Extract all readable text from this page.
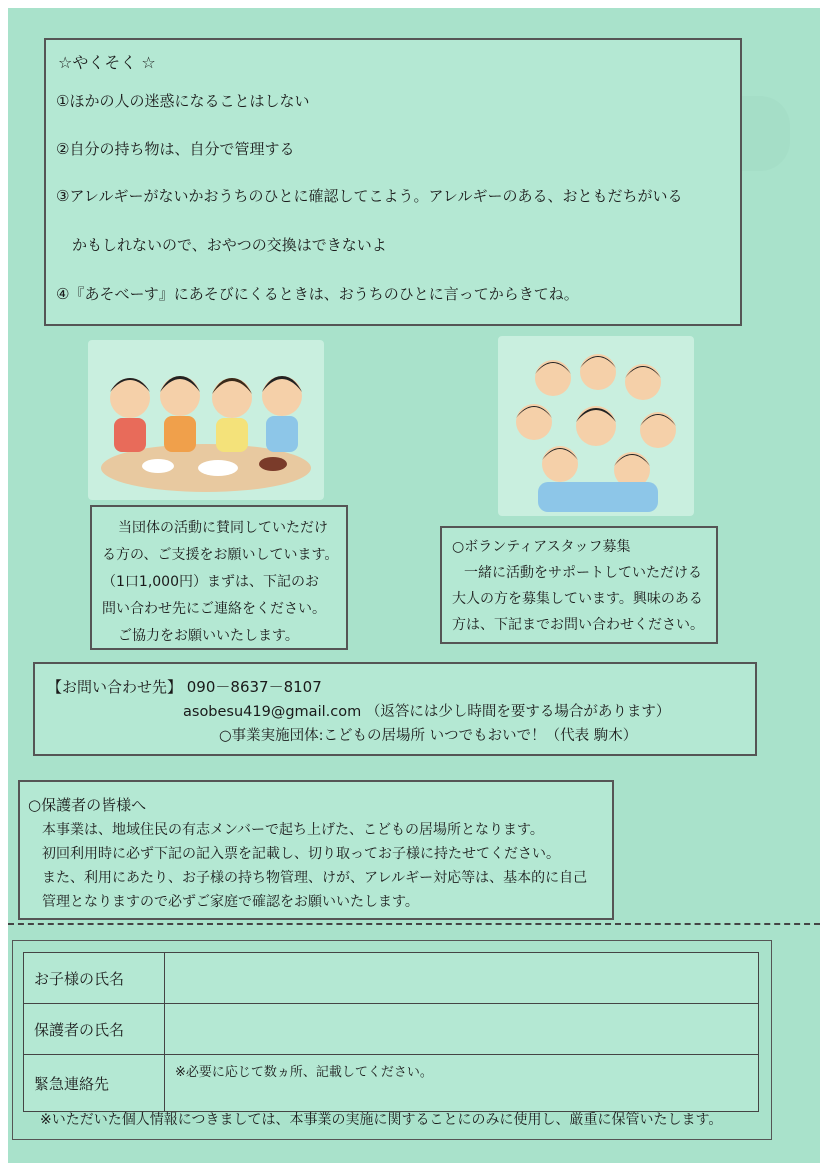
☆やくそく ☆
①ほかの人の迷惑になることはしない
②自分の持ち物は、自分で管理する
③アレルギーがないかおうちのひとに確認してこよう。アレルギーのある、おともだちがいる
かもしれないので、おやつの交換はできないよ
④『あそべーす』にあそびにくるときは、おうちのひとに言ってからきてね。
当団体の活動に賛同していただけ
る方の、ご支援をお願いしています。
（1口1,000円）まずは、下記のお
問い合わせ先にご連絡をください。
ご協力をお願いいたします。
○ボランティアスタッフ募集
一緒に活動をサポートしていただける
大人の方を募集しています。興味のある
方は、下記までお問い合わせください。
【お問い合わせ先】 090－8637－8107
asobesu419@gmail.com （返答には少し時間を要する場合があります）
○事業実施団体:こどもの居場所 いつでもおいで！（代表 駒木）
○保護者の皆様へ
本事業は、地域住民の有志メンバーで起ち上げた、こどもの居場所となります。
初回利用時に必ず下記の記入票を記載し、切り取ってお子様に持たせてください。
また、利用にあたり、お子様の持ち物管理、けが、アレルギー対応等は、基本的に自己
管理となりますので必ずご家庭で確認をお願いいたします。
お子様の氏名	
保護者の氏名	
緊急連絡先	※必要に応じて数ヵ所、記載してください。
※いただいた個人情報につきましては、本事業の実施に関することにのみに使用し、厳重に保管いたします。
